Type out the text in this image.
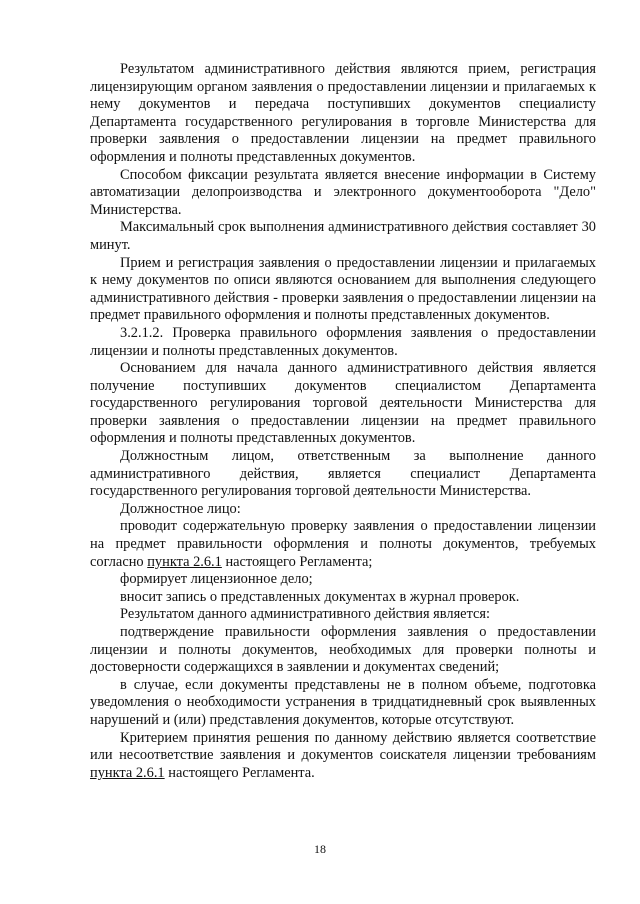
Результатом административного действия являются прием, регистрация лицензирующим органом заявления о предоставлении лицензии и прилагаемых к нему документов и передача поступивших документов специалисту Департамента государственного регулирования в торговле Министерства для проверки заявления о предоставлении лицензии на предмет правильного оформления и полноты представленных документов.

Способом фиксации результата является внесение информации в Систему автоматизации делопроизводства и электронного документооборота "Дело" Министерства.

Максимальный срок выполнения административного действия составляет 30 минут.

Прием и регистрация заявления о предоставлении лицензии и прилагаемых к нему документов по описи являются основанием для выполнения следующего административного действия - проверки заявления о предоставлении лицензии на предмет правильного оформления и полноты представленных документов.

3.2.1.2. Проверка правильного оформления заявления о предоставлении лицензии и полноты представленных документов.

Основанием для начала данного административного действия является получение поступивших документов специалистом Департамента государственного регулирования торговой деятельности Министерства для проверки заявления о предоставлении лицензии на предмет правильного оформления и полноты представленных документов.

Должностным лицом, ответственным за выполнение данного административного действия, является специалист Департамента государственного регулирования торговой деятельности Министерства.

Должностное лицо:

проводит содержательную проверку заявления о предоставлении лицензии на предмет правильности оформления и полноты документов, требуемых согласно пункта 2.6.1 настоящего Регламента;

формирует лицензионное дело;

вносит запись о представленных документах в журнал проверок.

Результатом данного административного действия является:

подтверждение правильности оформления заявления о предоставлении лицензии и полноты документов, необходимых для проверки полноты и достоверности содержащихся в заявлении и документах сведений;

в случае, если документы представлены не в полном объеме, подготовка уведомления о необходимости устранения в тридцатидневный срок выявленных нарушений и (или) представления документов, которые отсутствуют.

Критерием принятия решения по данному действию является соответствие или несоответствие заявления и документов соискателя лицензии требованиям пункта 2.6.1 настоящего Регламента.

18
